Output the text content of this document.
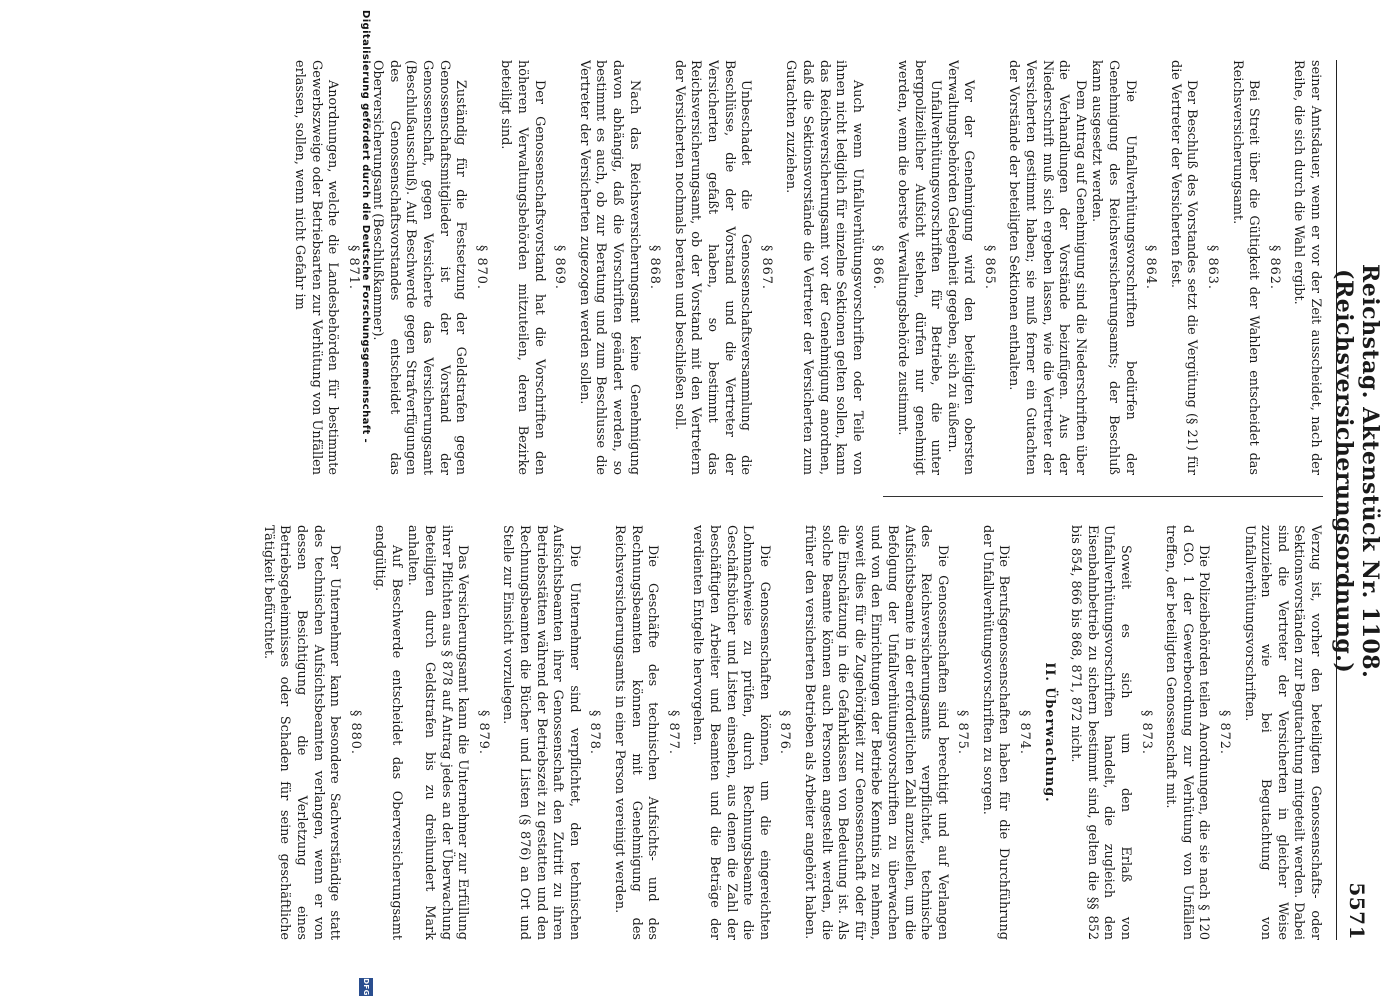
Reichstag. Aktenstück Nr. 1108. (Reichsversicherungsordnung.)
5571

seiner Amtsdauer, wenn er vor der Zeit ausscheidet, nach der Reihe, die sich durch die Wahl ergibt.

§ 862.

Bei Streit über die Gültigkeit der Wahlen entscheidet das Reichsversicherungsamt.

§ 863.

Der Beschluß des Vorstandes setzt die Vergütung (§ 21) für die Vertreter der Versicherten fest.

§ 864.

Die Unfallverhütungsvorschriften bedürfen der Genehmigung des Reichsversicherungsamts; der Beschluß kann ausgesetzt werden.

Dem Antrag auf Genehmigung sind die Niederschriften über die Verhandlungen der Vorstände beizufügen. Aus der Niederschrift muß sich ergeben lassen, wie die Vertreter der Versicherten gestimmt haben; sie muß ferner ein Gutachten der Vorstände der beteiligten Sektionen enthalten.

§ 865.

Vor der Genehmigung wird den beteiligten obersten Verwaltungsbehörden Gelegenheit gegeben, sich zu äußern.

Unfallverhütungsvorschriften für Betriebe, die unter bergpolizeilicher Aufsicht stehen, dürfen nur genehmigt werden, wenn die oberste Verwaltungsbehörde zustimmt.

§ 866.

Auch wenn Unfallverhütungsvorschriften oder Teile von ihnen nicht lediglich für einzelne Sektionen gelten sollen, kann das Reichsversicherungsamt vor der Genehmigung anordnen, daß die Sektionsvorstände die Vertreter der Versicherten zum Gutachten zuziehen.

§ 867.

Unbeschadet die Genossenschaftsversammlung die Beschlüsse, die der Vorstand und die Vertreter der Versicherten gefaßt haben, so bestimmt das Reichsversicherungsamt, ob der Vorstand mit den Vertretern der Versicherten nochmals beraten und beschließen soll.

§ 868.

Nach das Reichsversicherungsamt keine Genehmigung davon abhängig, daß die Vorschriften geändert werden, so bestimmt es auch, ob zur Beratung und zum Beschlusse die Vertreter der Versicherten zugezogen werden sollen.

§ 869.

Der Genossenschaftsvorstand hat die Vorschriften den höheren Verwaltungsbehörden mitzuteilen, deren Bezirke beteiligt sind.

§ 870.

Zuständig für die Festsetzung der Geldstrafen gegen Genossenschaftsmitglieder ist der Vorstand der Genossenschaft, gegen Versicherte das Versicherungsamt (Beschlußausschuß). Auf Beschwerde gegen Strafverfügungen des Genossenschaftsvorstandes entscheidet das Oberversicherungsamt (Beschlußkammer).

§ 871.

Anordnungen, welche die Landesbehörden für bestimmte Gewerbszweige oder Betriebsarten zur Verhütung von Unfällen erlassen, sollen, wenn nicht Gefahr im

Verzug ist, vorher den beteiligten Genossenschafts- oder Sektionsvorständen zur Begutachtung mitgeteilt werden. Dabei sind die Vertreter der Versicherten in gleicher Weise zuzuziehen wie bei Begutachtung von Unfallverhütungsvorschriften.

§ 872.

Die Polizeibehörden teilen Anordnungen, die sie nach § 120 d GO. 1 der Gewerbeordnung zur Verhütung von Unfällen treffen, der beteiligten Genossenschaft mit.

§ 873.

Soweit es sich um den Erlaß von Unfallverhütungsvorschriften handelt, die zugleich den Eisenbahnbetrieb zu sichern bestimmt sind, gelten die §§ 852 bis 854, 866 bis 868, 871, 872 nicht.

II. Überwachung.
§ 874.

Die Berufsgenossenschaften haben für die Durchführung der Unfallverhütungsvorschriften zu sorgen.

§ 875.

Die Genossenschaften sind berechtigt und auf Verlangen des Reichsversicherungsamts verpflichtet, technische Aufsichtsbeamte in der erforderlichen Zahl anzustellen, um die Befolgung der Unfallverhütungsvorschriften zu überwachen und von den Einrichtungen der Betriebe Kenntnis zu nehmen, soweit dies für die Zugehörigkeit zur Genossenschaft oder für die Einschätzung in die Gefahrklassen von Bedeutung ist. Als solche Beamte können auch Personen angestellt werden, die früher den versicherten Betrieben als Arbeiter angehört haben.

§ 876.

Die Genossenschaften können, um die eingereichten Lohnnachweise zu prüfen, durch Rechnungsbeamte die Geschäftsbücher und Listen einsehen, aus denen die Zahl der beschäftigten Arbeiter und Beamten und die Beträge der verdienten Entgelte hervorgehen.

§ 877.

Die Geschäfte des technischen Aufsichts- und des Rechnungsbeamten können mit Genehmigung des Reichsversicherungsamts in einer Person vereinigt werden.

§ 878.

Die Unternehmer sind verpflichtet, den technischen Aufsichtsbeamten ihrer Genossenschaft den Zutritt zu ihren Betriebsstätten während der Betriebszeit zu gestatten und den Rechnungsbeamten die Bücher und Listen (§ 876) an Ort und Stelle zur Einsicht vorzulegen.

§ 879.

Das Versicherungsamt kann die Unternehmer zur Erfüllung ihrer Pflichten aus § 878 auf Antrag jedes an der Überwachung Beteiligten durch Geldstrafen bis zu dreihundert Mark anhalten.

Auf Beschwerde entscheidet das Oberversicherungsamt endgültig.

§ 880.

Der Unternehmer kann besondere Sachverständige statt des technischen Aufsichtsbeamten verlangen, wenn er von dessen Besichtigung die Verletzung eines Betriebsgeheimnisses oder Schaden für seine geschäftliche Tätigkeit befürchtet.

Digitalisierung gefördert durch die Deutsche Forschungsgemeinschaft -
DFG
